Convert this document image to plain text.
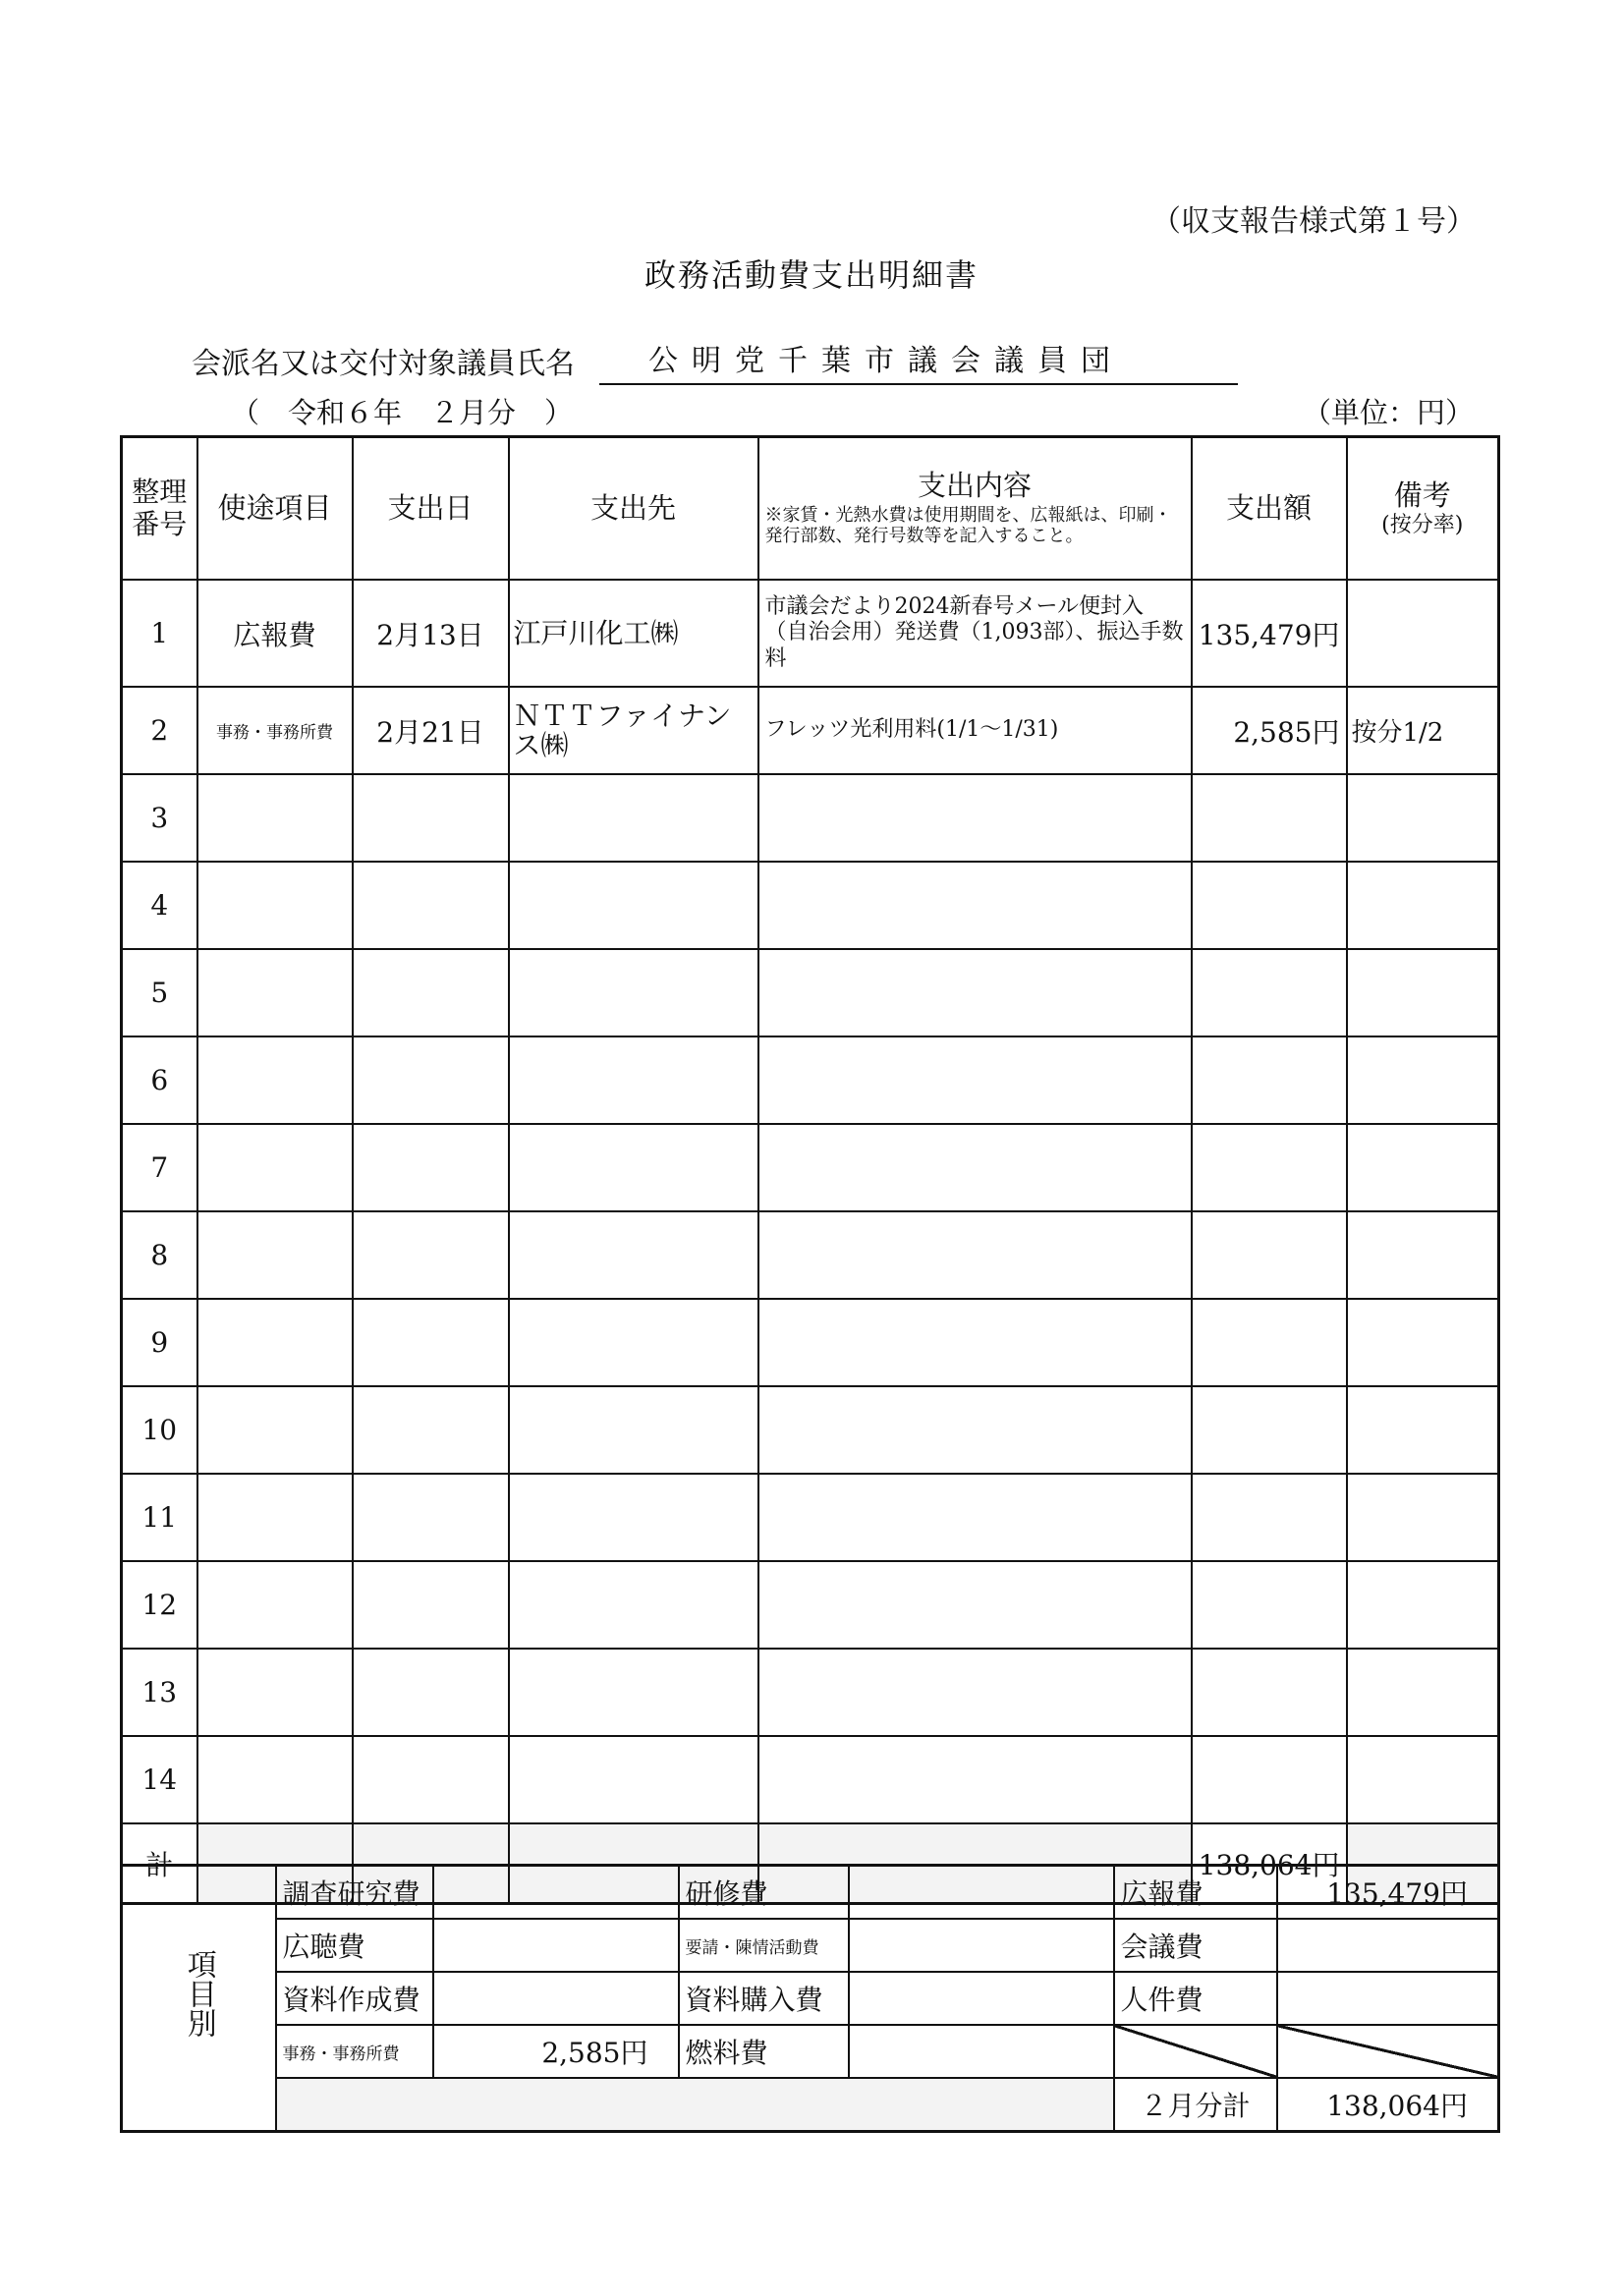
（収支報告様式第１号）
政務活動費支出明細書
会派名又は交付対象議員氏名	公明党千葉市議会議員団
（　令和６年　２月分　）	（単位：円）
整理番号	使途項目	支出日	支出先	支出内容
※家賃・光熱水費は使用期間を、広報紙は、印刷・発行部数、発行号数等を記入すること。	支出額	備考
(按分率)

1	広報費	2月13日	江戸川化工㈱	市議会だより2024新春号メール便封入（自治会用）発送費（1,093部）、振込手数料	135,479円	
2	事務・事務所費	2月21日	ＮＴＴファイナンス㈱	フレッツ光利用料(1/1～1/31)	2,585円	按分1/2
3						
4						
5						
6						
7						
8						
9						
10						
11						
12						
13						
14						
計					138,064円	
項目別	調査研究費		研修費		広報費	135,479円
	広聴費		要請・陳情活動費		会議費	
	資料作成費		資料購入費		人件費	
	事務・事務所費	2,585円	燃料費			
					２月分計	138,064円
